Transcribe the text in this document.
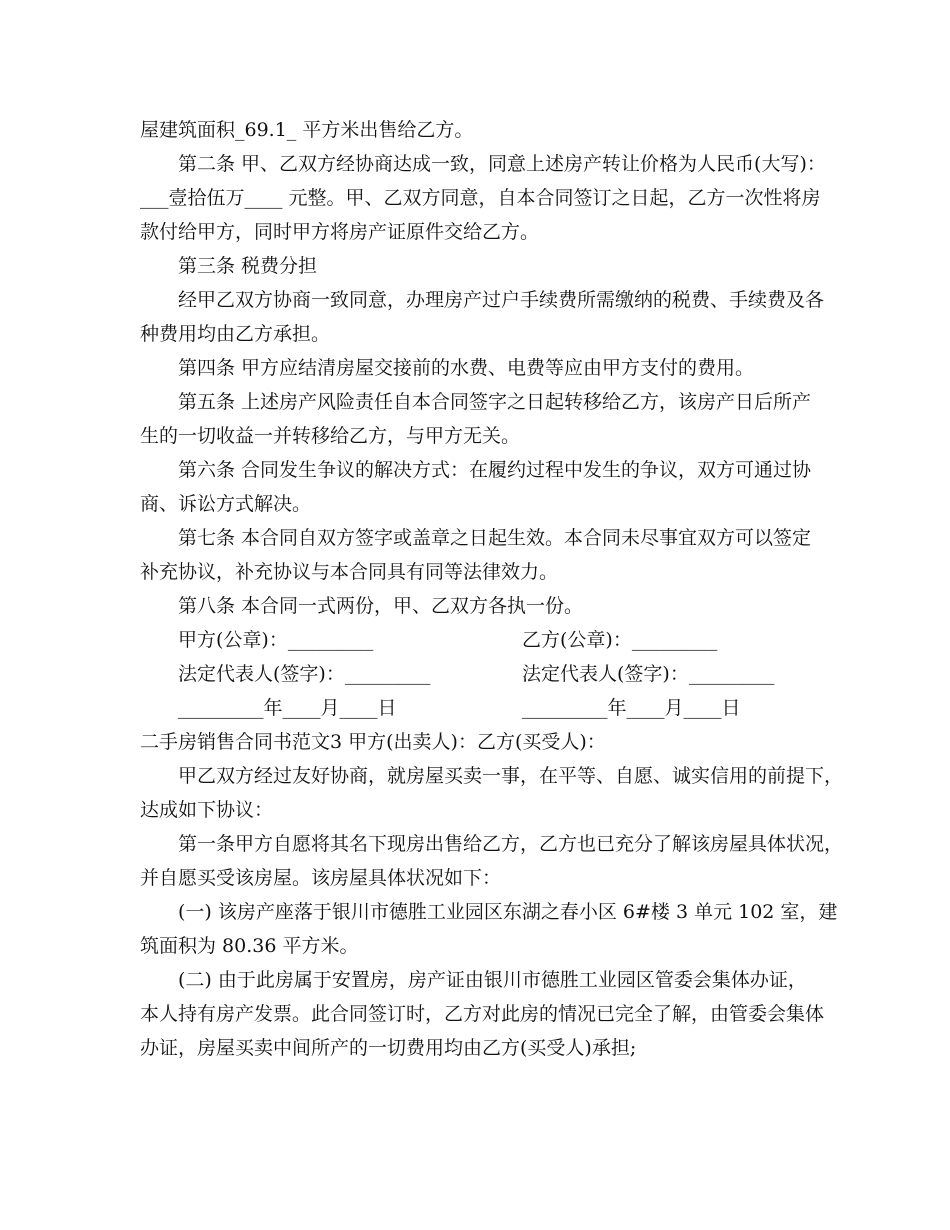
屋建筑面积_69.1_ 平方米出售给乙方。
第二条 甲、乙双方经协商达成一致，同意上述房产转让价格为人民币(大写)：
___壹拾伍万____ 元整。甲、乙双方同意，自本合同签订之日起，乙方一次性将房
款付给甲方，同时甲方将房产证原件交给乙方。
第三条 税费分担
经甲乙双方协商一致同意，办理房产过户手续费所需缴纳的税费、手续费及各
种费用均由乙方承担。
第四条 甲方应结清房屋交接前的水费、电费等应由甲方支付的费用。
第五条 上述房产风险责任自本合同签字之日起转移给乙方，该房产日后所产
生的一切收益一并转移给乙方，与甲方无关。
第六条 合同发生争议的解决方式：在履约过程中发生的争议，双方可通过协
商、诉讼方式解决。
第七条 本合同自双方签字或盖章之日起生效。本合同未尽事宜双方可以签定
补充协议，补充协议与本合同具有同等法律效力。
第八条 本合同一式两份，甲、乙双方各执一份。
甲方(公章)：_________	乙方(公章)：_________
法定代表人(签字)：_________	法定代表人(签字)：_________
_________年____月____日	_________年____月____日
二手房销售合同书范文3 甲方(出卖人)：乙方(买受人)：
甲乙双方经过友好协商，就房屋买卖一事，在平等、自愿、诚实信用的前提下，
达成如下协议：
第一条甲方自愿将其名下现房出售给乙方，乙方也已充分了解该房屋具体状况，
并自愿买受该房屋。该房屋具体状况如下：
(一) 该房产座落于银川市德胜工业园区东湖之春小区 6#楼 3 单元 102 室，建
筑面积为 80.36 平方米。
(二) 由于此房属于安置房，房产证由银川市德胜工业园区管委会集体办证，
本人持有房产发票。此合同签订时，乙方对此房的情况已完全了解，由管委会集体
办证，房屋买卖中间所产的一切费用均由乙方(买受人)承担;
